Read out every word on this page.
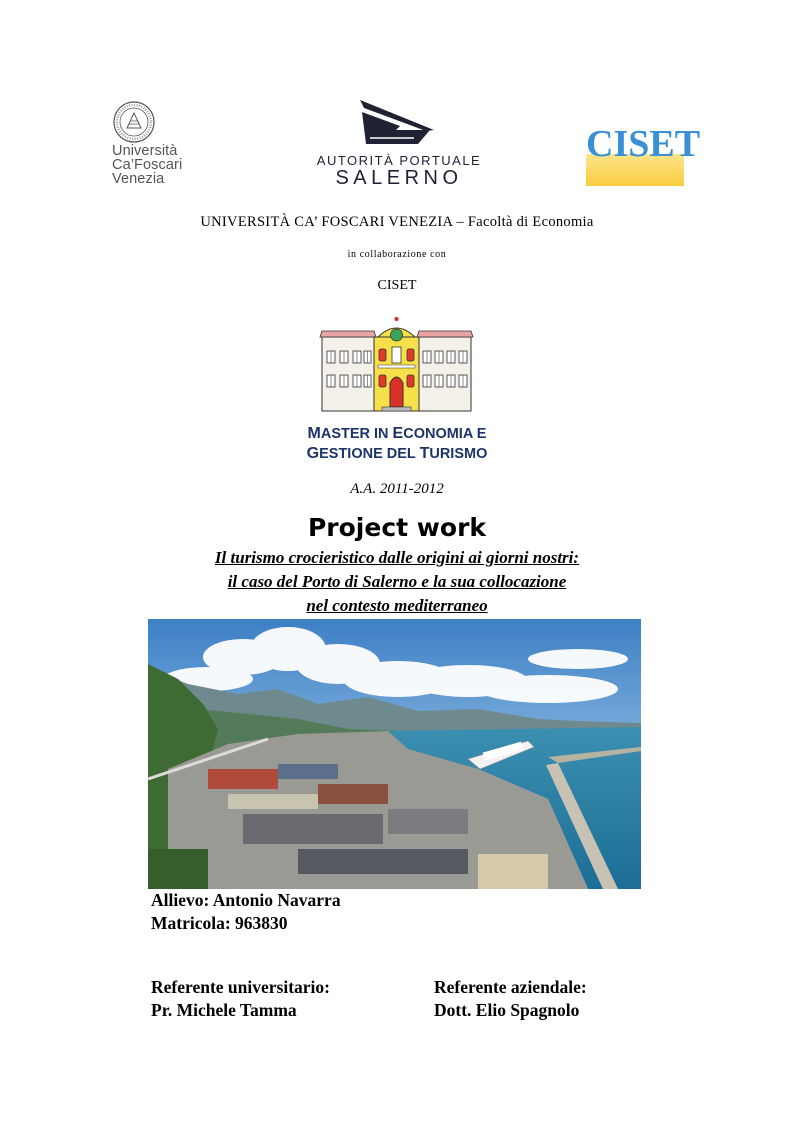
Università
Ca’Foscari
Venezia
AUTORITÀ PORTUALE
SALERNO
CISET
UNIVERSITÀ CA’ FOSCARI VENEZIA – Facoltà di Economia
in collaborazione con
CISET
MASTER IN ECONOMIA E
GESTIONE DEL TURISMO
A.A. 2011-2012
Project work
Il turismo crocieristico dalle origini ai giorni nostri:
il caso del Porto di Salerno e la sua collocazione
nel contesto mediterraneo
Allievo: Antonio Navarra
Matricola: 963830
Referente universitario:
Pr. Michele Tamma
Referente aziendale:
Dott. Elio Spagnolo
